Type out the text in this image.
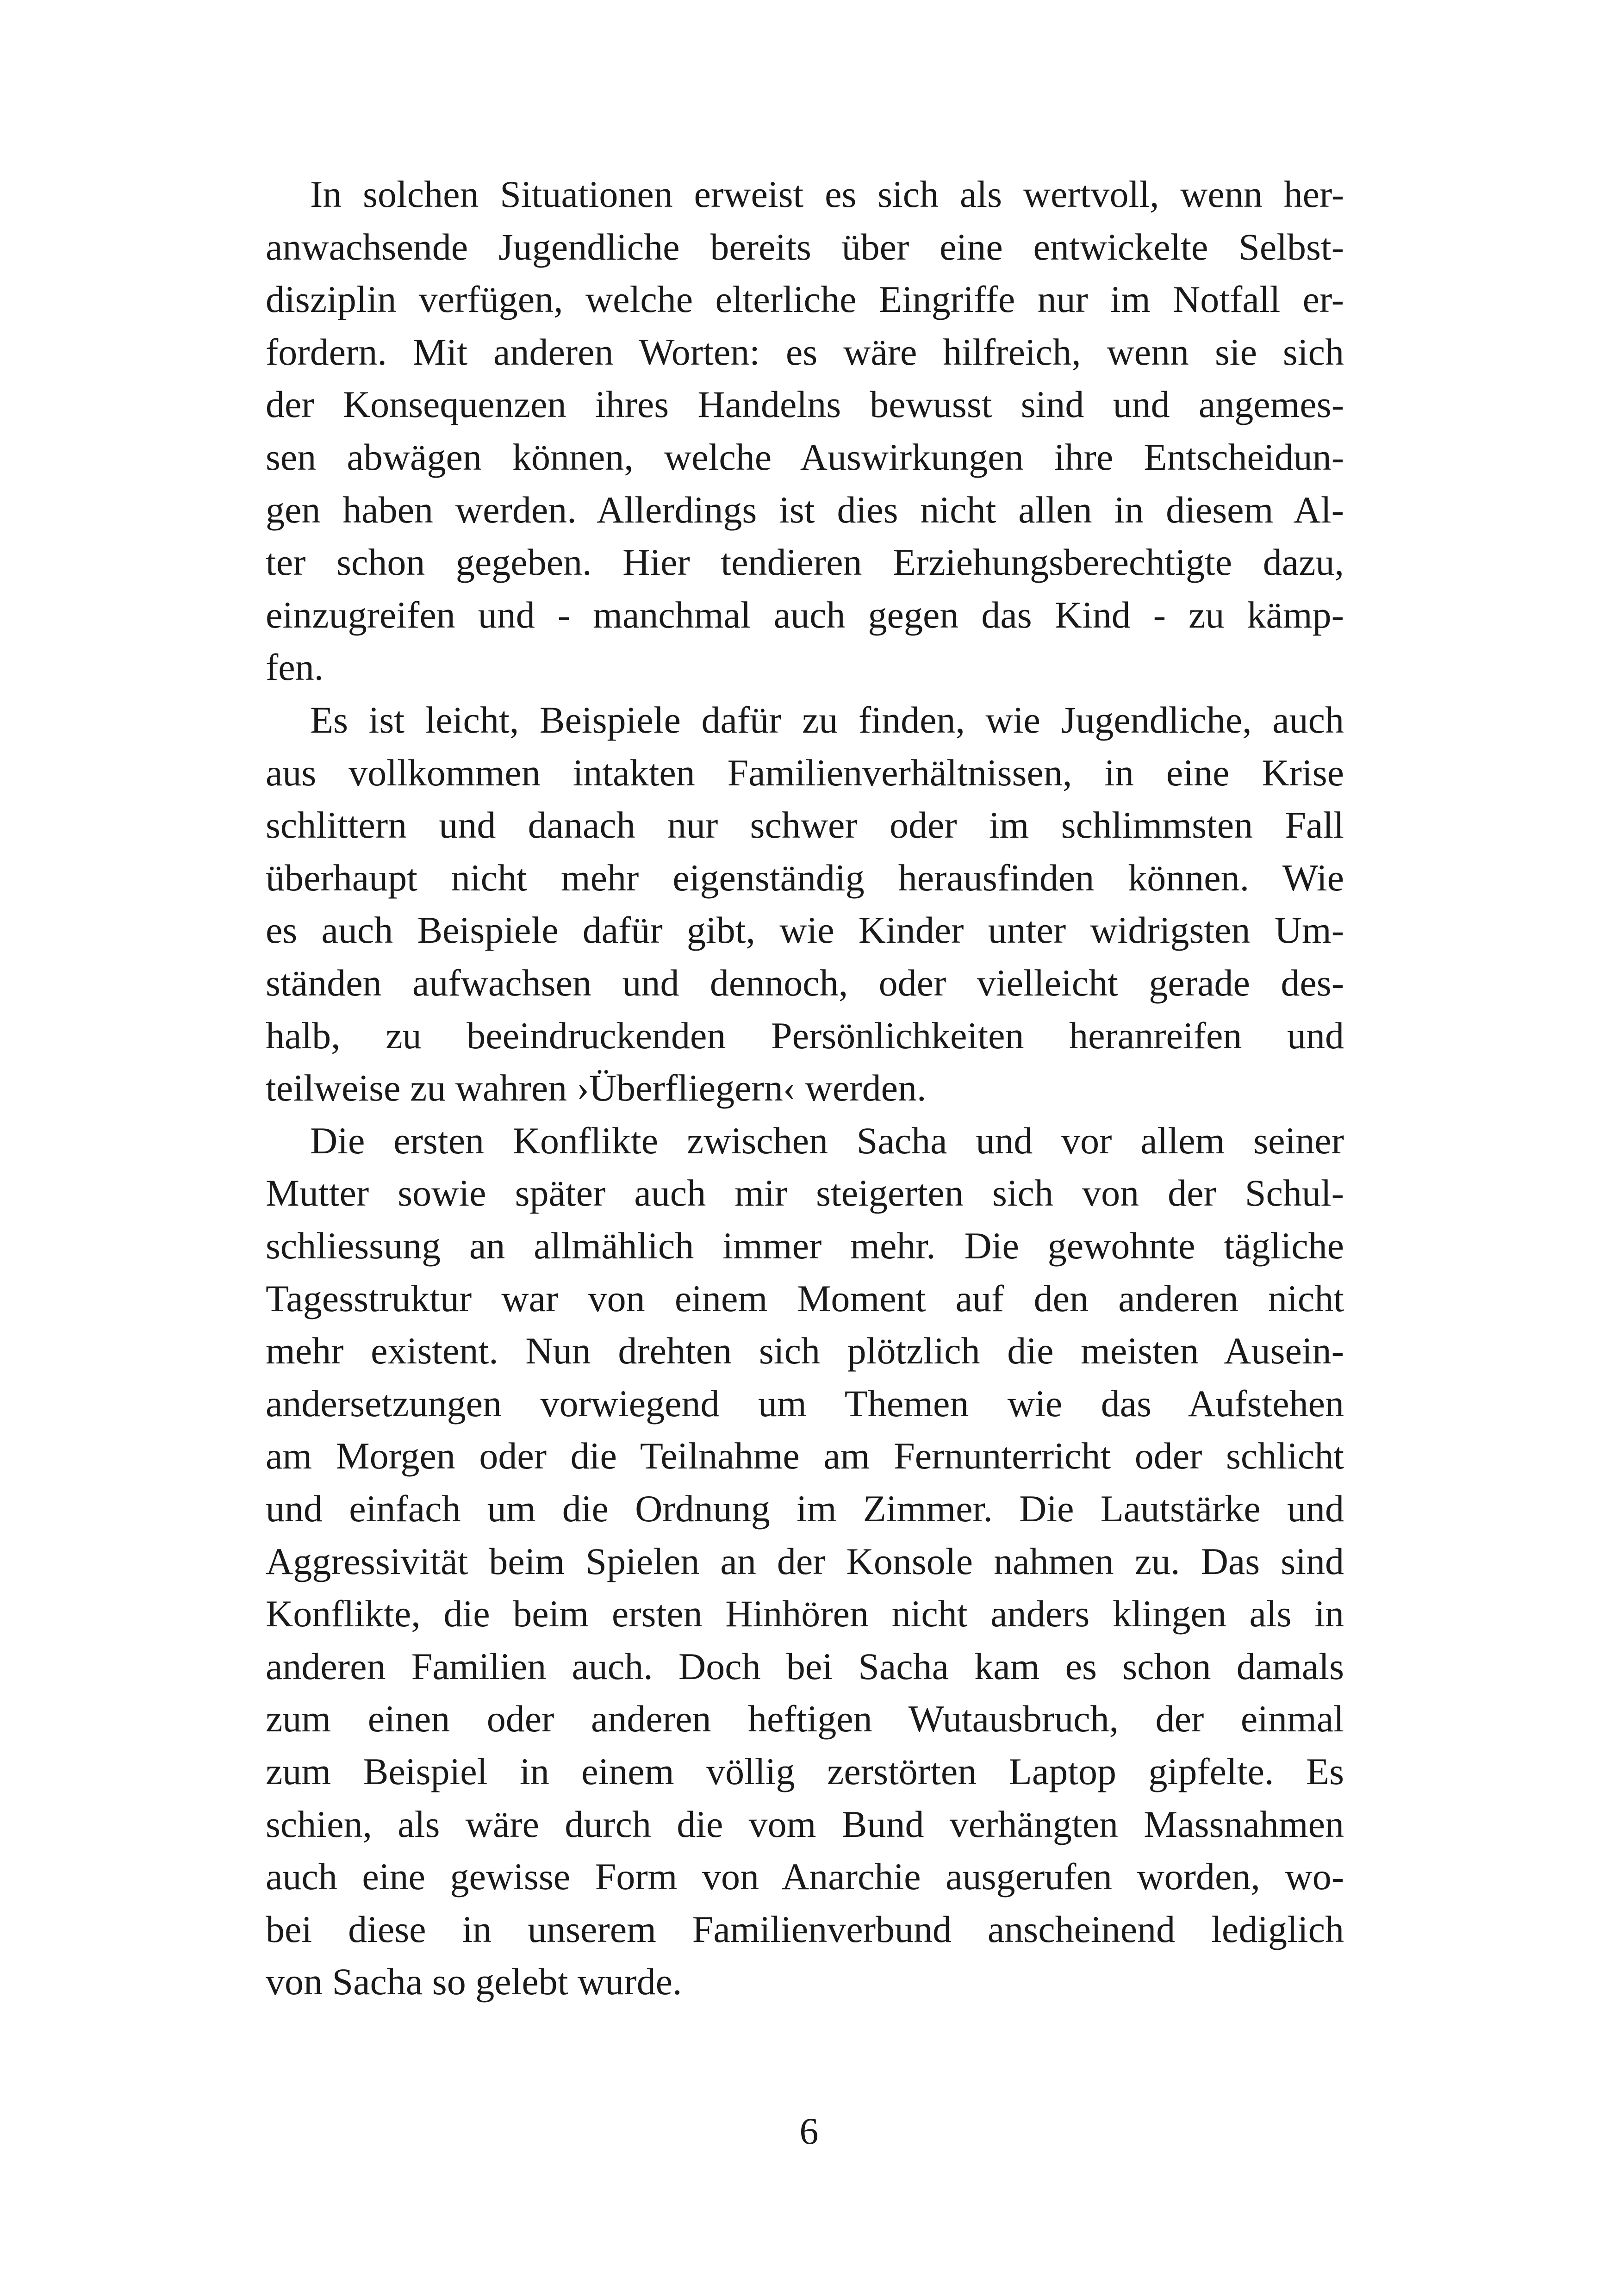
In solchen Situationen erweist es sich als wertvoll, wenn her-
anwachsende Jugendliche bereits über eine entwickelte Selbst-
disziplin verfügen, welche elterliche Eingriffe nur im Notfall er-
fordern. Mit anderen Worten: es wäre hilfreich, wenn sie sich
der Konsequenzen ihres Handelns bewusst sind und angemes-
sen abwägen können, welche Auswirkungen ihre Entscheidun-
gen haben werden. Allerdings ist dies nicht allen in diesem Al-
ter schon gegeben. Hier tendieren Erziehungsberechtigte dazu,
einzugreifen und - manchmal auch gegen das Kind - zu kämp-
fen.
Es ist leicht, Beispiele dafür zu finden, wie Jugendliche, auch
aus vollkommen intakten Familienverhältnissen, in eine Krise
schlittern und danach nur schwer oder im schlimmsten Fall
überhaupt nicht mehr eigenständig herausfinden können. Wie
es auch Beispiele dafür gibt, wie Kinder unter widrigsten Um-
ständen aufwachsen und dennoch, oder vielleicht gerade des-
halb, zu beeindruckenden Persönlichkeiten heranreifen und
teilweise zu wahren ›Überfliegern‹ werden.
Die ersten Konflikte zwischen Sacha und vor allem seiner
Mutter sowie später auch mir steigerten sich von der Schul-
schliessung an allmählich immer mehr. Die gewohnte tägliche
Tagesstruktur war von einem Moment auf den anderen nicht
mehr existent. Nun drehten sich plötzlich die meisten Ausein-
andersetzungen vorwiegend um Themen wie das Aufstehen
am Morgen oder die Teilnahme am Fernunterricht oder schlicht
und einfach um die Ordnung im Zimmer. Die Lautstärke und
Aggressivität beim Spielen an der Konsole nahmen zu. Das sind
Konflikte, die beim ersten Hinhören nicht anders klingen als in
anderen Familien auch. Doch bei Sacha kam es schon damals
zum einen oder anderen heftigen Wutausbruch, der einmal
zum Beispiel in einem völlig zerstörten Laptop gipfelte. Es
schien, als wäre durch die vom Bund verhängten Massnahmen
auch eine gewisse Form von Anarchie ausgerufen worden, wo-
bei diese in unserem Familienverbund anscheinend lediglich
von Sacha so gelebt wurde.
6
